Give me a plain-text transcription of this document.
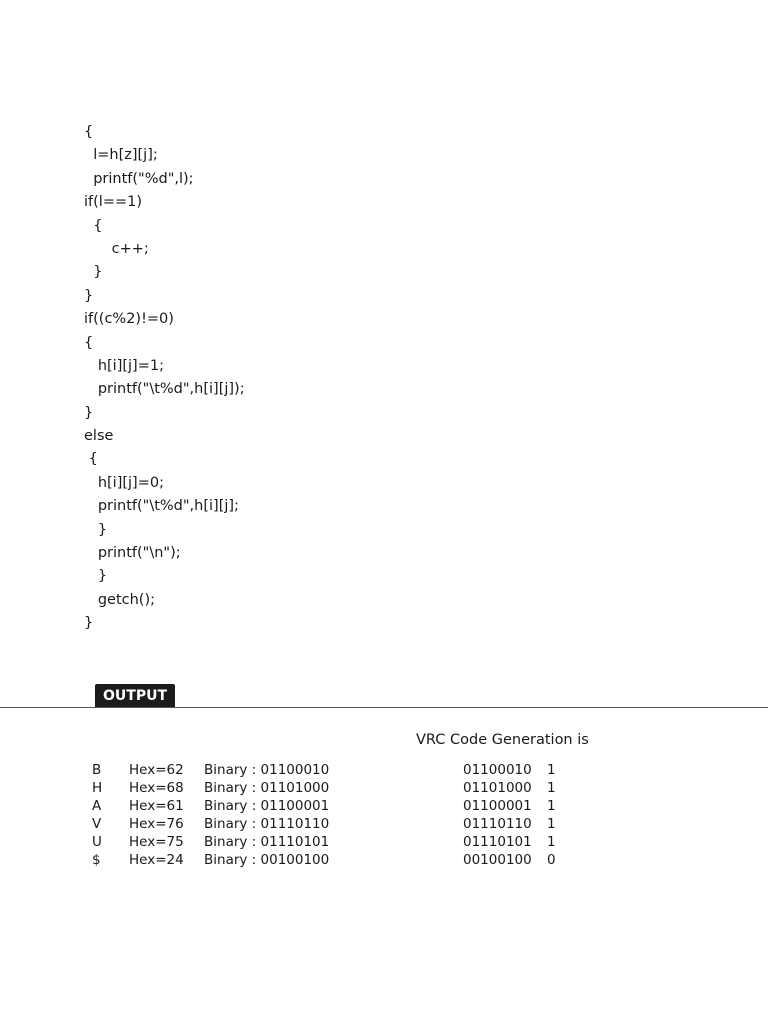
{
l=h[z][j];
printf("%d",l);
if(l==1)
{
c++;
}
}
if((c%2)!=0)
{
h[i][j]=1;
printf("\t%d",h[i][j]);
}
else
{
h[i][j]=0;
printf("\t%d",h[i][j];
}
printf("\n");
}
getch();
}
OUTPUT
VRC Code Generation is
B Hex=62 Binary : 01100010	01100010 1
H Hex=68 Binary : 01101000	01101000 1
A Hex=61 Binary : 01100001	01100001 1
V Hex=76 Binary : 01110110	01110110 1
U Hex=75 Binary : 01110101	01110101 1
$ Hex=24 Binary : 00100100	00100100 0
